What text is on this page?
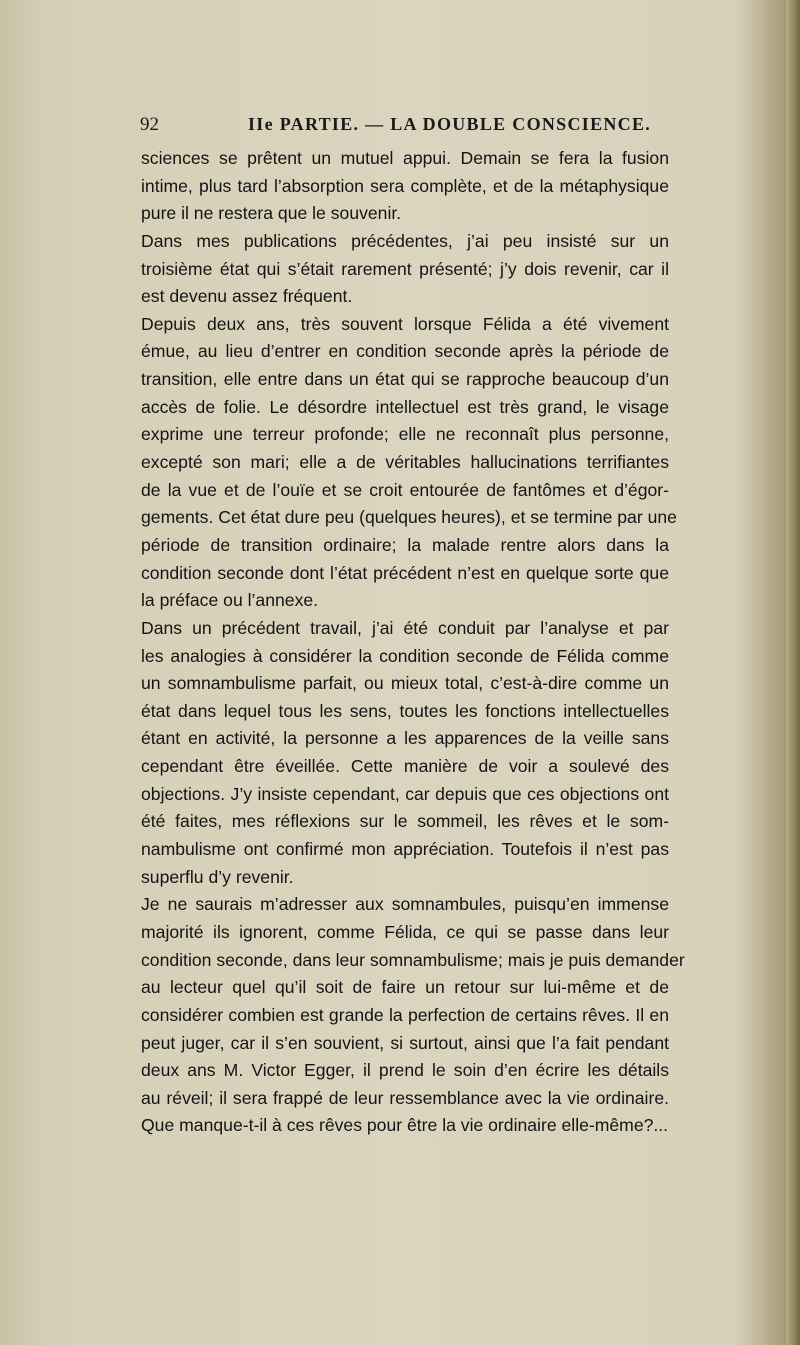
92	IIe PARTIE. — LA DOUBLE CONSCIENCE.
sciences se prêtent un mutuel appui. Demain se fera la fusion
intime, plus tard l’absorption sera complète, et de la métaphysique
pure il ne restera que le souvenir.
Dans mes publications précédentes, j’ai peu insisté sur un
troisième état qui s’était rarement présenté; j’y dois revenir, car il
est devenu assez fréquent.
Depuis deux ans, très souvent lorsque Félida a été vivement
émue, au lieu d’entrer en condition seconde après la période de
transition, elle entre dans un état qui se rapproche beaucoup d’un
accès de folie. Le désordre intellectuel est très grand, le visage
exprime une terreur profonde; elle ne reconnaît plus personne,
excepté son mari; elle a de véritables hallucinations terrifiantes
de la vue et de l’ouïe et se croit entourée de fantômes et d’égor-
gements. Cet état dure peu (quelques heures), et se termine par une
période de transition ordinaire; la malade rentre alors dans la
condition seconde dont l’état précédent n’est en quelque sorte que
la préface ou l’annexe.
Dans un précédent travail, j’ai été conduit par l’analyse et par
les analogies à considérer la condition seconde de Félida comme
un somnambulisme parfait, ou mieux total, c’est-à-dire comme un
état dans lequel tous les sens, toutes les fonctions intellectuelles
étant en activité, la personne a les apparences de la veille sans
cependant être éveillée. Cette manière de voir a soulevé des
objections. J’y insiste cependant, car depuis que ces objections ont
été faites, mes réflexions sur le sommeil, les rêves et le som-
nambulisme ont confirmé mon appréciation. Toutefois il n’est pas
superflu d’y revenir.
Je ne saurais m’adresser aux somnambules, puisqu’en immense
majorité ils ignorent, comme Félida, ce qui se passe dans leur
condition seconde, dans leur somnambulisme; mais je puis demander
au lecteur quel qu’il soit de faire un retour sur lui-même et de
considérer combien est grande la perfection de certains rêves. Il en
peut juger, car il s’en souvient, si surtout, ainsi que l’a fait pendant
deux ans M. Victor Egger, il prend le soin d’en écrire les détails
au réveil; il sera frappé de leur ressemblance avec la vie ordinaire.
Que manque-t-il à ces rêves pour être la vie ordinaire elle-même?...
